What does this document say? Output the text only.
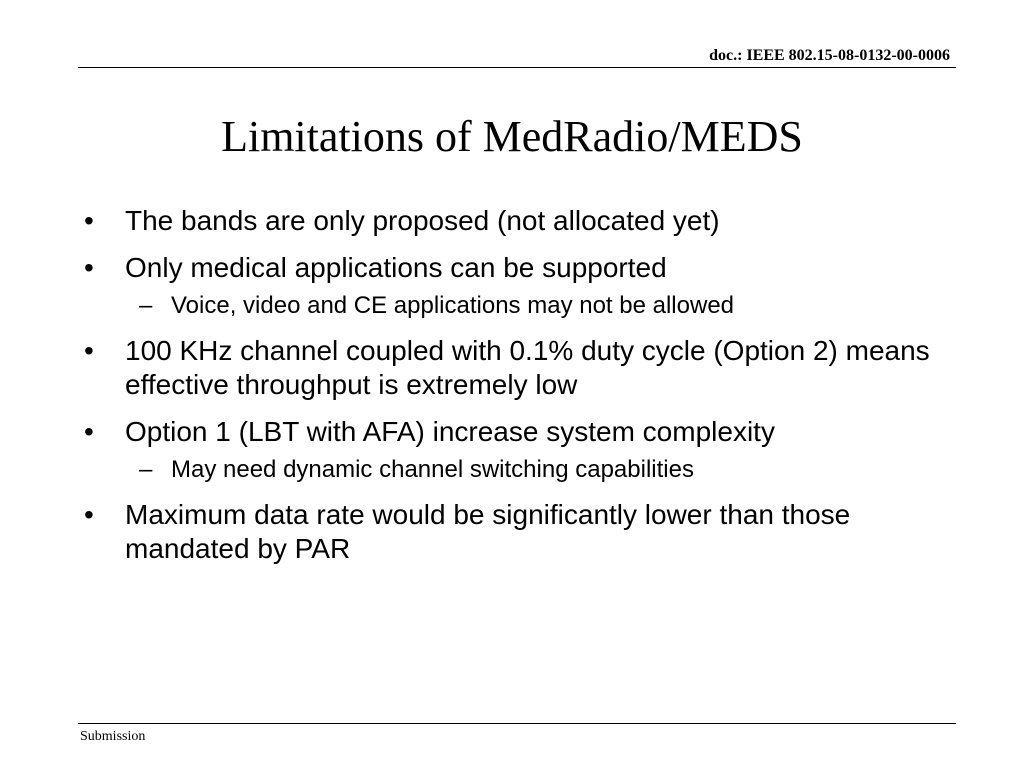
doc.: IEEE 802.15-08-0132-00-0006
Limitations of MedRadio/MEDS
• The bands are only proposed (not allocated yet)
• Only medical applications can be supported
– Voice, video and CE applications may not be allowed
• 100 KHz channel coupled with 0.1% duty cycle (Option 2) means effective throughput is extremely low
• Option 1 (LBT with AFA) increase system complexity
– May need dynamic channel switching capabilities
• Maximum data rate would be significantly lower than those mandated by PAR
Submission
